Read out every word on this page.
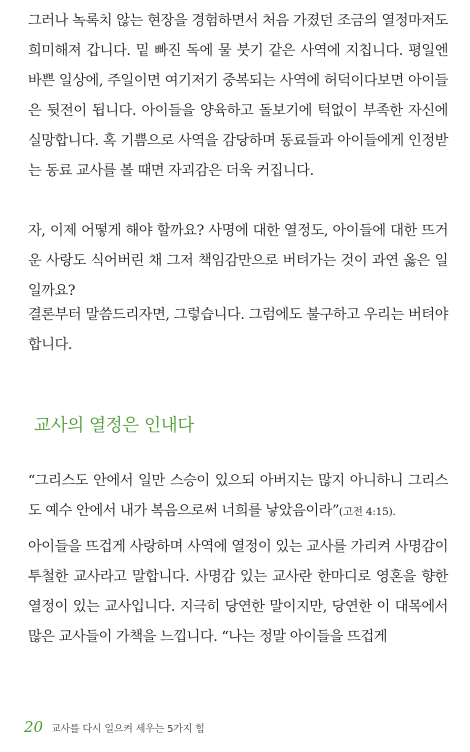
그러나 녹록치 않는 현장을 경험하면서 처음 가졌던 조금의 열정마저도 희미해져 갑니다. 밑 빠진 독에 물 붓기 같은 사역에 지칩니다. 평일엔 바쁜 일상에, 주일이면 여기저기 중복되는 사역에 허덕이다보면 아이들은 뒷전이 됩니다. 아이들을 양육하고 돌보기에 턱없이 부족한 자신에 실망합니다. 혹 기쁨으로 사역을 감당하며 동료들과 아이들에게 인정받는 동료 교사를 볼 때면 자괴감은 더욱 커집니다.

자, 이제 어떻게 해야 할까요? 사명에 대한 열정도, 아이들에 대한 뜨거운 사랑도 식어버린 채 그저 책임감만으로 버텨가는 것이 과연 옳은 일일까요?

결론부터 말씀드리자면, 그렇습니다. 그럼에도 불구하고 우리는 버텨야 합니다.

교사의 열정은 인내다

“그리스도 안에서 일만 스승이 있으되 아버지는 많지 아니하니 그리스도 예수 안에서 내가 복음으로써 너희를 낳았음이라”(고전 4:15).

아이들을 뜨겁게 사랑하며 사역에 열정이 있는 교사를 가리켜 사명감이 투철한 교사라고 말합니다. 사명감 있는 교사란 한마디로 영혼을 향한 열정이 있는 교사입니다. 지극히 당연한 말이지만, 당연한 이 대목에서 많은 교사들이 가책을 느낍니다. “나는 정말 아이들을 뜨겁게

20 교사를 다시 일으켜 세우는 5가지 힘
